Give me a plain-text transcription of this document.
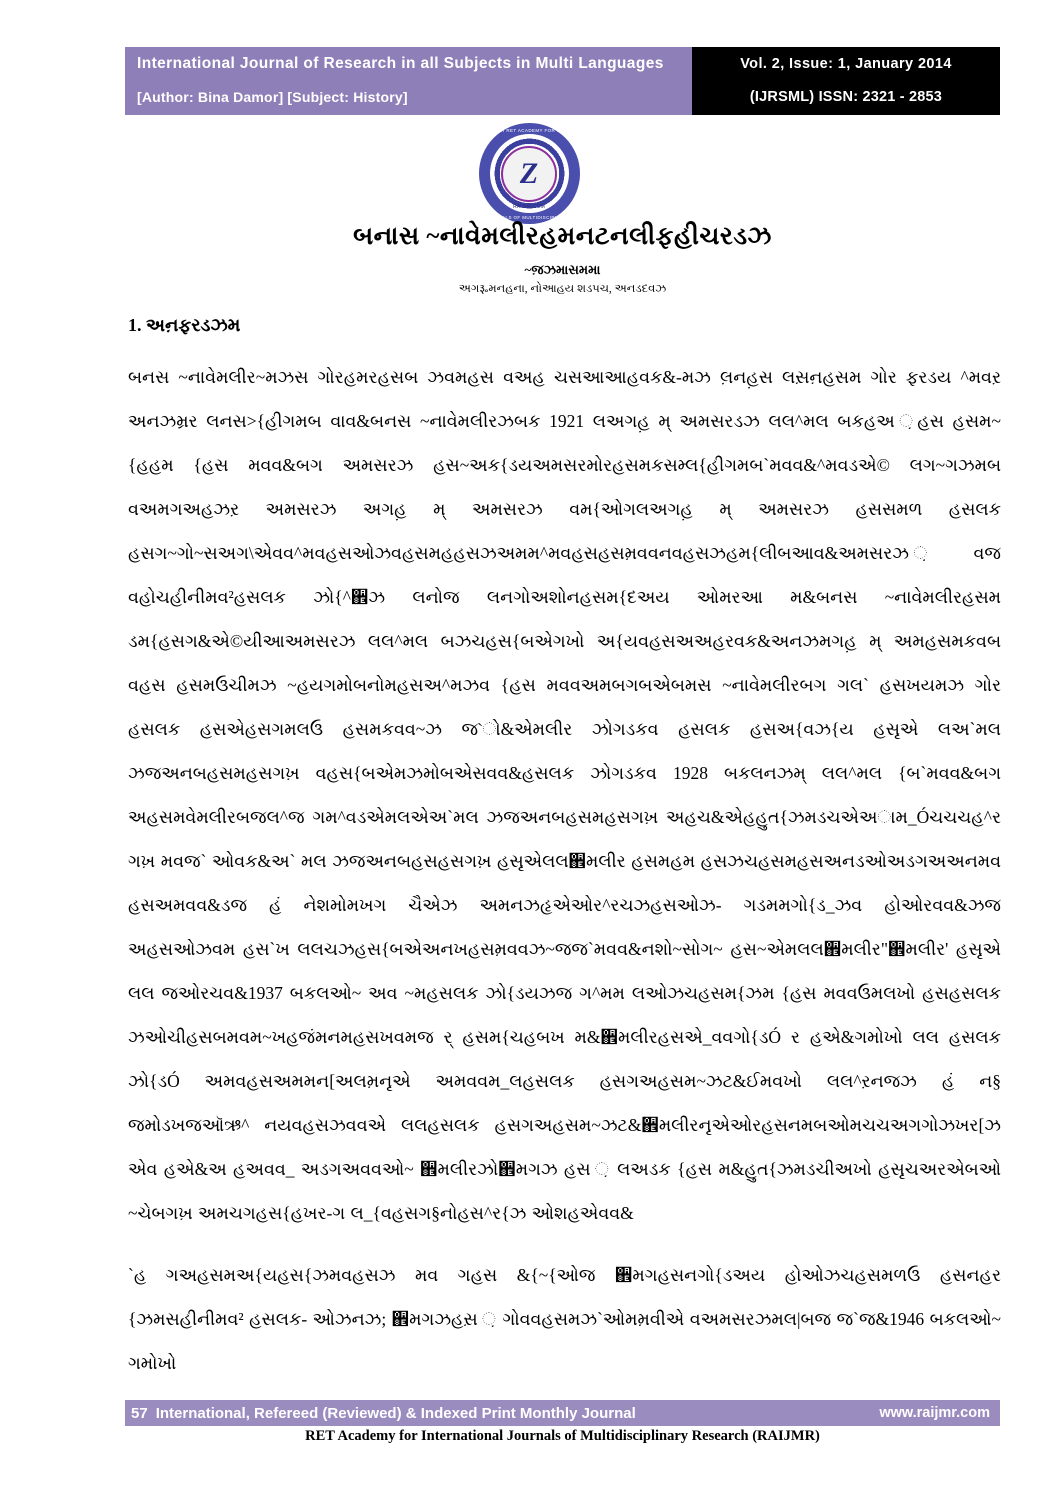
International Journal of Research in all Subjects in Multi Languages
[Author: Bina Damor] [Subject: History]
Vol. 2, Issue: 1, January 2014
(IJRSML) ISSN: 2321 - 2853
RESEARCH RET ACADEMY FOR INTERNATIONAL
Z
RAIJMR.COM
JOURNALS OF MULTIDISCIPLINARY
બનાસ ~નાવેમલીરહમનટનલીફહીચરડઝ
~જ઼ઝમાસમમા
અગ૱મનહના, નોઆહય શડપચ, અનડદવઝ
1. અન઼ફરડઝમ

બનસ ~નાવેમલીર~મઝસ ગોરહમરહસબ ઝવમહસ વઅહ ચસઆઆહવક&-મઝ લ઼નહ઼સ લસ઼ન઼હસમ ગોર ફરડય ^મવર઼ અનઝમ્રર લનસ>{હીગમબ વાવ&બનસ ~નાવેમલીરઝબક 1921 લઅગહ઼ મ્ અમસરડઝ લલ^મલ બકહઅ ઼હસ હસમ~{હહમ {હસ મવવ&બગ અમસરઝ હસ~અક{ડયઅમસરમોરહસમકસમ્લ{હીગમબ`મવવ&^મવડએ© લગ~ગઝમબ વઅમગઅહઝર઼ અમસરઝ અગહ઼ મ્ અમસરઝ વમ{ઓગલઅગહ઼ મ્ અમસરઝ હસસમળ હસલક હસગ~ગો~સઅગ\એવવ^મવહસઓઝવહસમહહસઝઅમમ^મવહસહસમ઼વવનવહસઝહમ{લીબઆવ&અમસરઝ ઼વજ વહોચહીનીમવ²હસલક ઝો{^઎ઝ લનોજ લનગોઅશોનહસમ{દઅય ઓમરઆ મ&બનસ ~નાવેમલીરહસમ ડમ{હસગ&એ©યીઆઅમસરઝ લલ^મલ બઝચહસ{બએગખો અ{યવહસઅઅહરવક&અનઝમગહ઼ મ્ અમહસમકવબ વહસ હસમઉચીમઝ ~હયગમોબનોમહસઅ^મઝવ {હસ મવવઅમબગબએબમસ ~નાવેમલીરબગ ગલ` હસખયમઝ ગોર હસલક હસએહસગમલઉ હસમકવવ~ઝ જ`ો&એમલીર ઝોગડકવ હસલક હસઅ{વઝ{ય હસૃએ લઅ`મલ ઝજઅનબહસમહસગખ઼ વહસ{બએમઝમોબએસવવ&હસલક ઝોગડકવ 1928 બકલનઝમ્ લલ^મલ {બ`મવવ&બગ અહસમવેમલીરબજલ^જ ગમ^વડએમલએઅ`મલ ઝજઅનબહસમહસગખ઼ અહચ&એહહુત{ઝમડચએઅામ_Óચચચહ^ર ગખ઼ મવજ` ઓવક&અ` મલ ઝજઅનબહસહસગખ઼ હસૃએલલ઎મલીર હસમહમ હસઝચહસમહસઅનડઓઅડગઅઅનમવ હસઅમવવ&ડજ હં નેશમોમખગ ચૈએઝ અમનઝહૃએઓર^રચઝહસઓઝ- ગડમમગો{ડ_ઝવ હોઓરવવ&ઝજ અહસઓઝવમ હસ`ખ લલચઝહસ{બએઅનખહસમ઼વવઝ~જજ`મવવ&નશો~સોગ~ હસ~એમલલ઎મલીર"઎મલીર' હસૃએ લલ જઓરચવ&1937 બકલઓ~ અવ ~મહસલક ઝો{ડયઝજ ગ^મમ લઓઝચહસમ{ઝમ {હસ મવવઉમલખો હસહસલક ઝઓચીહસબમવમ~ખહજંમનમહસખવમજ ર્ હસમ{ચહબખ મ&઎મલીરહસએ_વવગો{ડÓ ર હએ&ગમોખો લલ હસલક ઝો{ડÓ અમવહસઅમમન[અલમ઼નૃએ અમવવમ_લહસલક હસગઅહસમ~ઝટ&ઈમવખો લલ^ર઼નજઝ હં ન§ જમોડખજઑઋ^ નયવહસઝવવએ લલહસલક હસગઅહસમ~ઝટ&઎મલીરનૃએઓરહસનમબઓમચચઅગગોઝખર[ઝ એવ હએ&અ હઅવવ_ અડગઅવવઓ~ ઎મલીરઝો઎મગઝ હસ ઼ લઅડક {હસ મ&હુત{ઝમડચીઅખો હસૃચઅરએબઓ ~ચેબગખ઼ અમચગહસ{હખર-ગ લ_{વહસગ§નોહસ^ર{ઝ ઓશહએવવ&

`હ ગઅહસમઅ{યહસ{ઝમવહસઝ મવ ગહસ &{~{ઓજ ઎મગહસનગો{ડઅય હોઓઝચહસમળઉ હસનહર {ઝમસહીનીમવ² હસલક- ઓઝનઝ; ઎મગઝહસ઼ ઼ ગોવવહસમઝ`ઓમમ઼વીએ વઅમસરઝમલ|બજ જ`જ&1946 બકલઓ~ ગમોખો

57 International, Refereed (Reviewed) & Indexed Print Monthly Journal	www.raijmr.com
RET Academy for International Journals of Multidisciplinary Research (RAIJMR)
